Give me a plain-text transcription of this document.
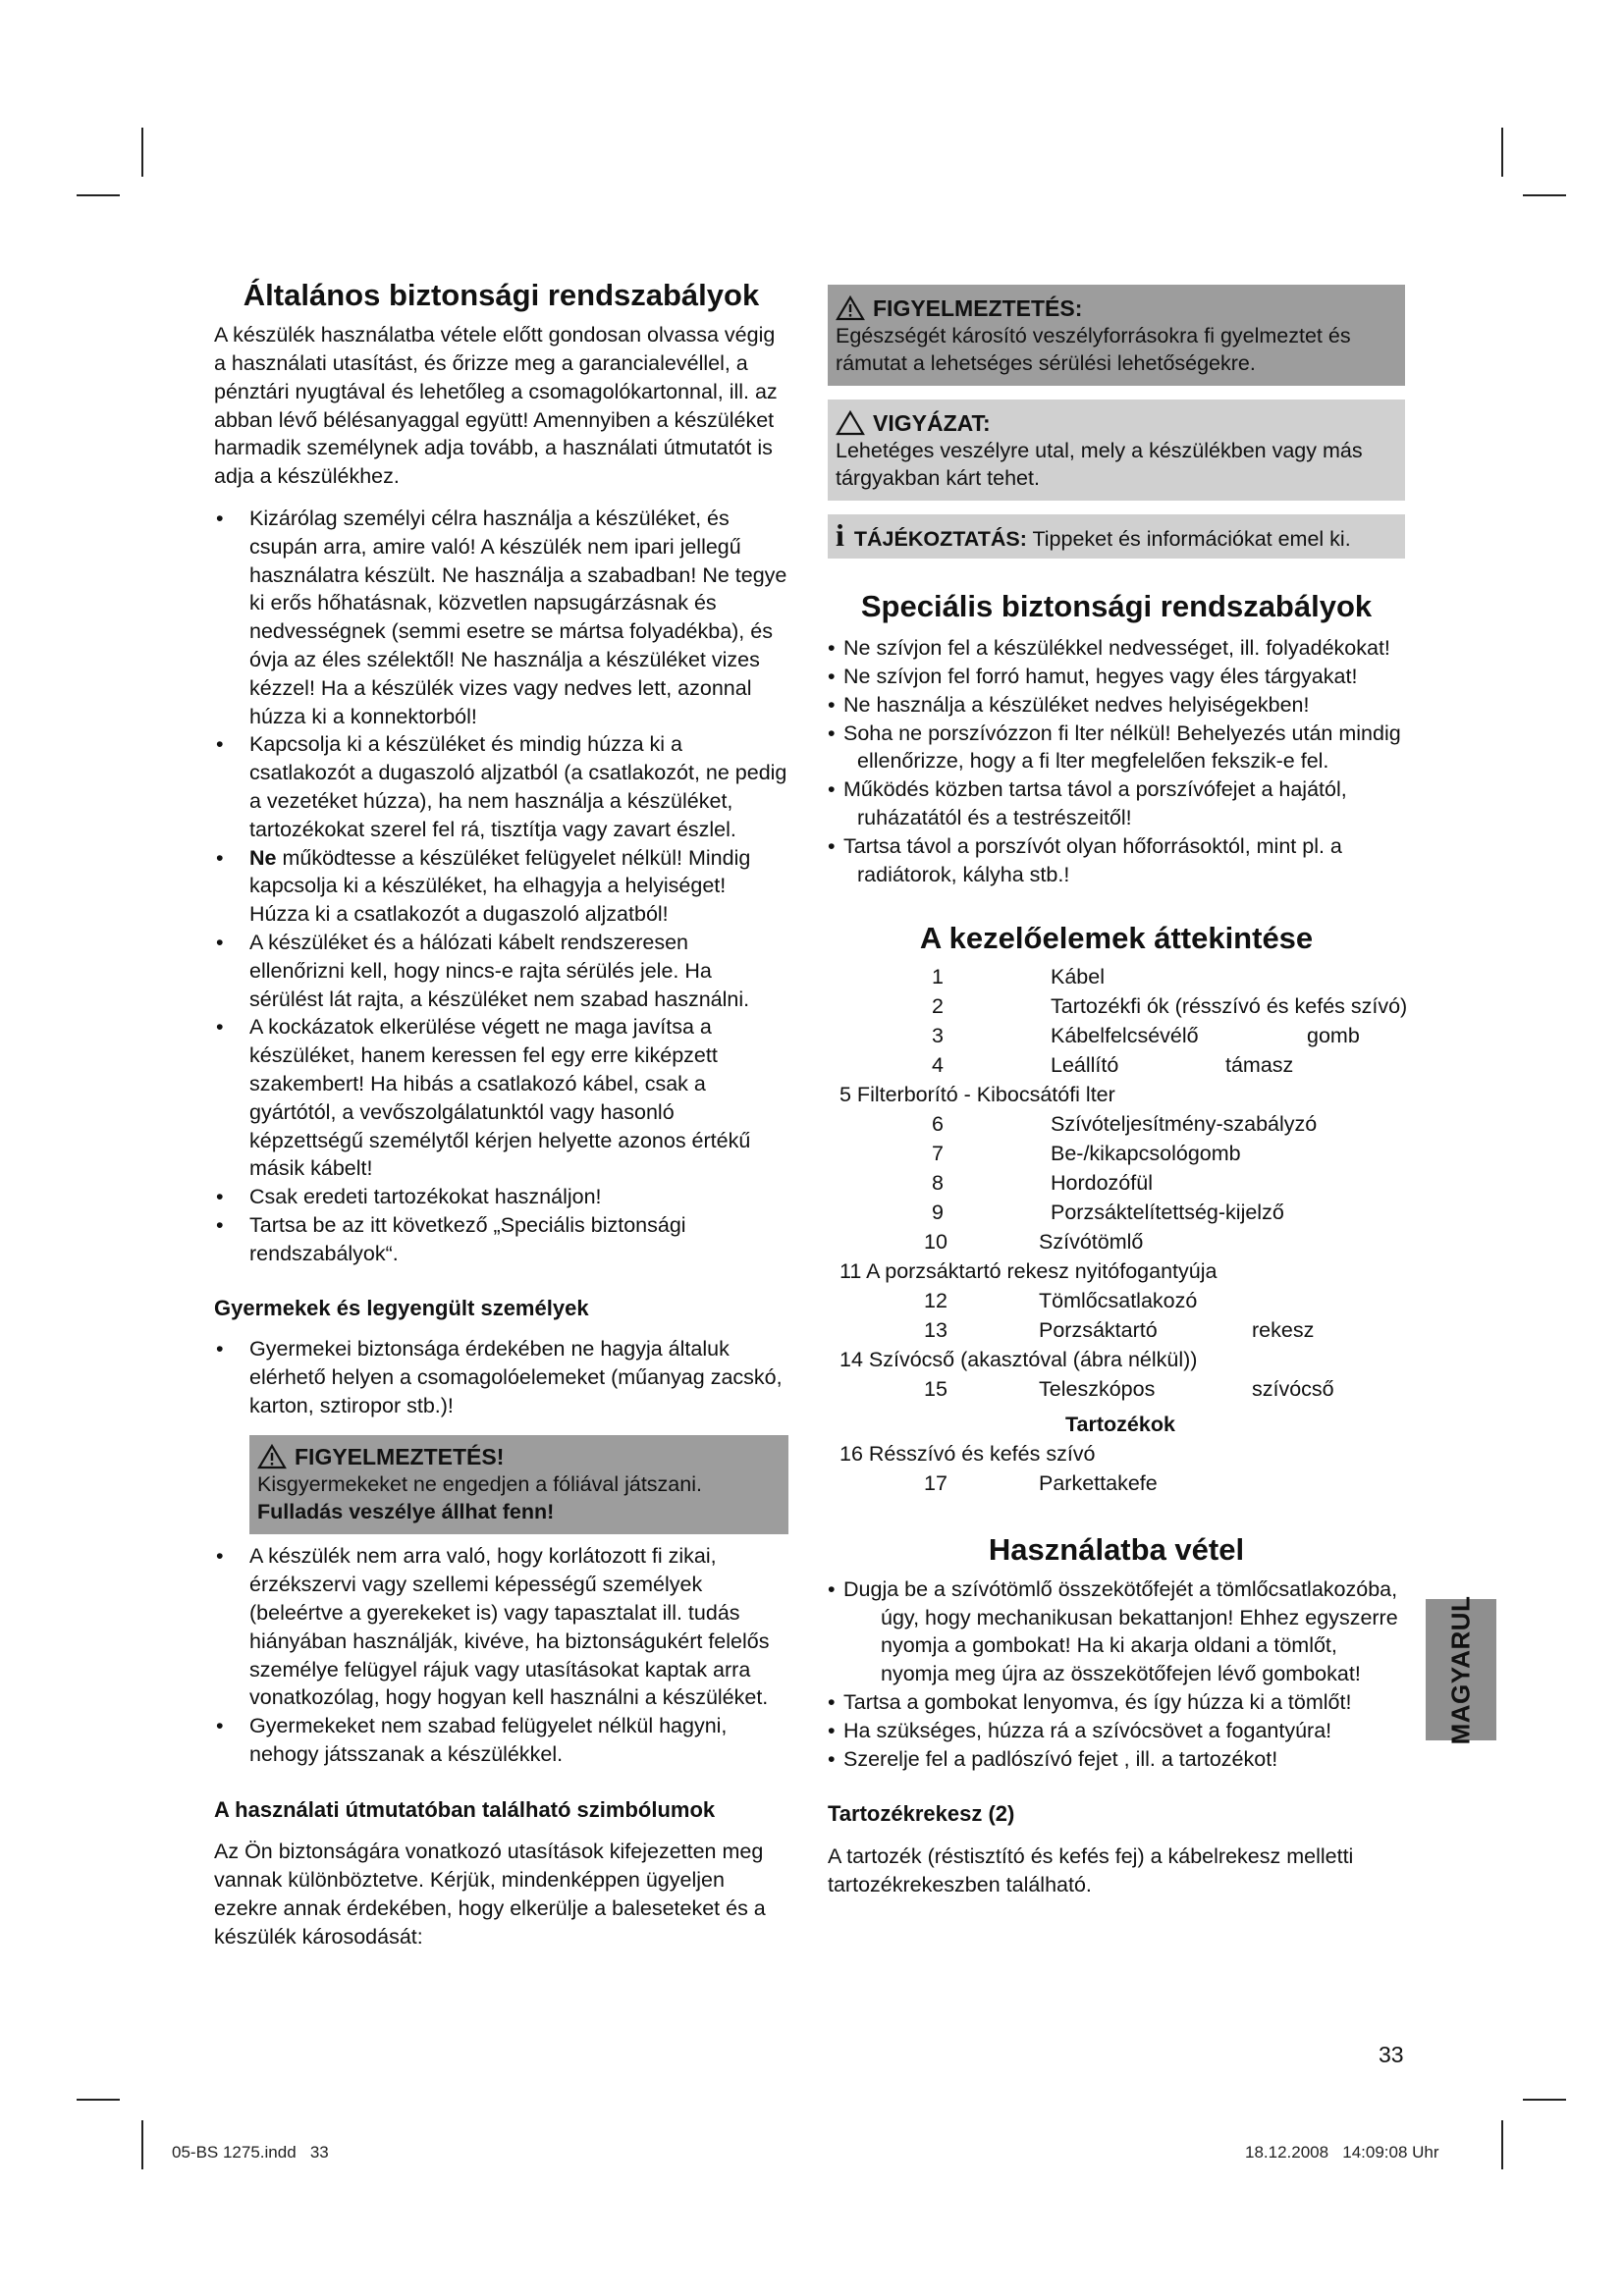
Általános biztonsági rendszabályok

A készülék használatba vétele előtt gondosan olvassa végig a használati utasítást, és őrizze meg a garancialevéllel, a pénztári nyugtával és lehetőleg a csomagolókartonnal, ill. az abban lévő bélésanyaggal együtt! Amennyiben a készüléket harmadik személynek adja tovább, a használati útmutatót is adja a készülékhez.

• Kizárólag személyi célra használja a készüléket, és csupán arra, amire való! A készülék nem ipari jellegű használatra készült. Ne használja a szabadban! Ne tegye ki erős hőhatásnak, közvetlen napsugárzásnak és nedvességnek (semmi esetre se mártsa folyadékba), és óvja az éles szélektől! Ne használja a készüléket vizes kézzel! Ha a készülék vizes vagy nedves lett, azonnal húzza ki a konnektorból!
• Kapcsolja ki a készüléket és mindig húzza ki a csatlakozót a dugaszoló aljzatból (a csatlakozót, ne pedig a vezetéket húzza), ha nem használja a készüléket, tartozékokat szerel fel rá, tisztítja vagy zavart észlel.
• Ne működtesse a készüléket felügyelet nélkül! Mindig kapcsolja ki a készüléket, ha elhagyja a helyiséget! Húzza ki a csatlakozót a dugaszoló aljzatból!
• A készüléket és a hálózati kábelt rendszeresen ellenőrizni kell, hogy nincs-e rajta sérülés jele. Ha sérülést lát rajta, a készüléket nem szabad használni.
• A kockázatok elkerülése végett ne maga javítsa a készüléket, hanem keressen fel egy erre kiképzett szakembert! Ha hibás a csatlakozó kábel, csak a gyártótól, a vevőszolgálatunktól vagy hasonló képzettségű személytől kérjen helyette azonos értékű másik kábelt!
• Csak eredeti tartozékokat használjon!
• Tartsa be az itt következő „Speciális biztonsági rendszabályok“.
Gyermekek és legyengült személyek
• Gyermekei biztonsága érdekében ne hagyja általuk elérhető helyen a csomagolóelemeket (műanyag zacskó, karton, sztiropor stb.)!
FIGYELMEZTETÉS!
Kisgyermekeket ne engedjen a fóliával játszani. Fulladás veszélye állhat fenn!
• A készülék nem arra való, hogy korlátozott fi zikai, érzékszervi vagy szellemi képességű személyek (beleértve a gyerekeket is) vagy tapasztalat ill. tudás hiányában használják, kivéve, ha biztonságukért felelős személye felügyel rájuk vagy utasításokat kaptak arra vonatkozólag, hogy hogyan kell használni a készüléket.
• Gyermekeket nem szabad felügyelet nélkül hagyni, nehogy játsszanak a készülékkel.
A használati útmutatóban található szimbólumok

Az Ön biztonságára vonatkozó utasítások kifejezetten meg vannak különböztetve. Kérjük, mindenképpen ügyeljen ezekre annak érdekében, hogy elkerülje a baleseteket és a készülék károsodását:

FIGYELMEZTETÉS:
Egészségét károsító veszélyforrásokra fi gyelmeztet és rámutat a lehetséges sérülési lehetőségekre.
VIGYÁZAT:
Lehetéges veszélyre utal, mely a készülékben vagy más tárgyakban kárt tehet.
i TÁJÉKOZTATÁS: Tippeket és információkat emel ki.
Speciális biztonsági rendszabályok
• Ne szívjon fel a készülékkel nedvességet, ill. folyadékokat!
• Ne szívjon fel forró hamut, hegyes vagy éles tárgyakat!
• Ne használja a készüléket nedves helyiségekben!
• Soha ne porszívózzon fi lter nélkül! Behelyezés után mindig
ellenőrizze, hogy a fi lter megfelelően fekszik-e fel.
• Működés közben tartsa távol a porszívófejet a hajától,
ruházatától és a testrészeitől!
• Tartsa távol a porszívót olyan hőforrásoktól, mint pl. a
radiátorok, kályha stb.!
A kezelőelemek áttekintése
1	Kábel
2	Tartozékfi ók (résszívó és kefés szívó)
3	Kábelfelcsévélő	gomb
4	Leállító	támasz
5 Filterborító - Kibocsátófi lter
6	Szívóteljesítmény-szabályzó
7	Be-/kikapcsológomb
8	Hordozófül
9	Porzsáktelítettség-kijelző
10	Szívótömlő
11 A porzsáktartó rekesz nyitófogantyúja
12	Tömlőcsatlakozó
13	Porzsáktartó	rekesz
14 Szívócső (akasztóval (ábra nélkül))
15	Teleszkópos	szívócső
Tartozékok
16 Résszívó és kefés szívó
17	Parkettakefe
Használatba vétel
• Dugja be a szívótömlő összekötőfejét a tömlőcsatlakozóba,
úgy, hogy mechanikusan bekattanjon! Ehhez egyszerre nyomja a gombokat! Ha ki akarja oldani a tömlőt, nyomja meg újra az összekötőfejen lévő gombokat!
• Tartsa a gombokat lenyomva, és így húzza ki a tömlőt!
• Ha szükséges, húzza rá a szívócsövet a fogantyúra!
• Szerelje fel a padlószívó fejet , ill. a tartozékot!
Tartozékrekesz (2)

A tartozék (réstisztító és kefés fej) a kábelrekesz melletti tartozékrekeszben található.

MAGYARUL
33
05-BS 1275.indd   33	18.12.2008   14:09:08 Uhr
